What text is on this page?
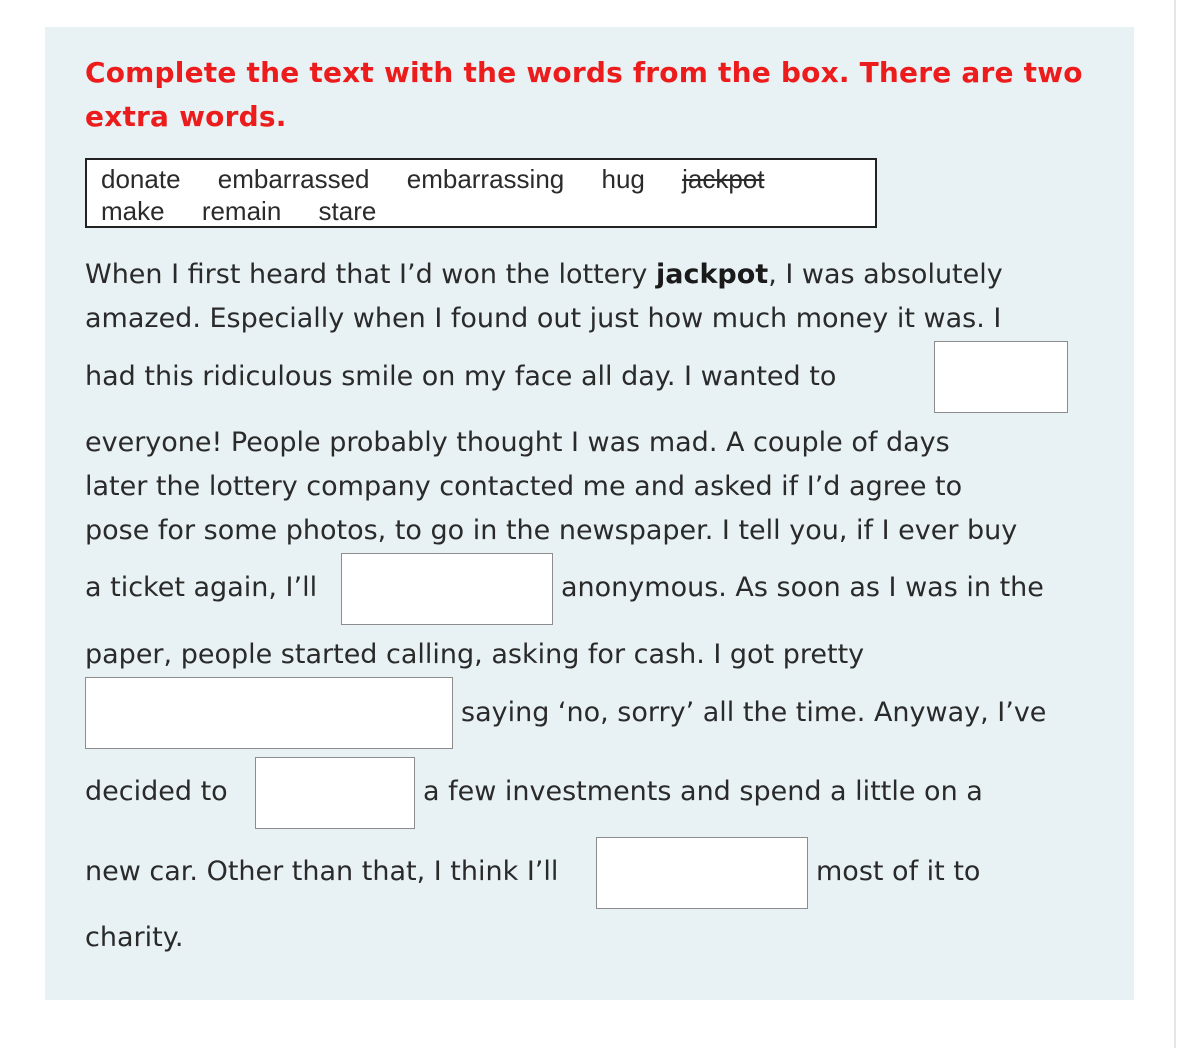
Complete the text with the words from the box. There are two extra words.

donate embarrassed embarrassing hug jackpot
make remain stare

When I first heard that I’d won the lottery jackpot, I was absolutely

amazed. Especially when I found out just how much money it was. I

had this ridiculous smile on my face all day. I wanted to

everyone! People probably thought I was mad. A couple of days

later the lottery company contacted me and asked if I’d agree to

pose for some photos, to go in the newspaper. I tell you, if I ever buy

a ticket again, I’ll	anonymous. As soon as I was in the

paper, people started calling, asking for cash. I got pretty

saying ‘no, sorry’ all the time. Anyway, I’ve

decided to	a few investments and spend a little on a

new car. Other than that, I think I’ll	most of it to

charity.
